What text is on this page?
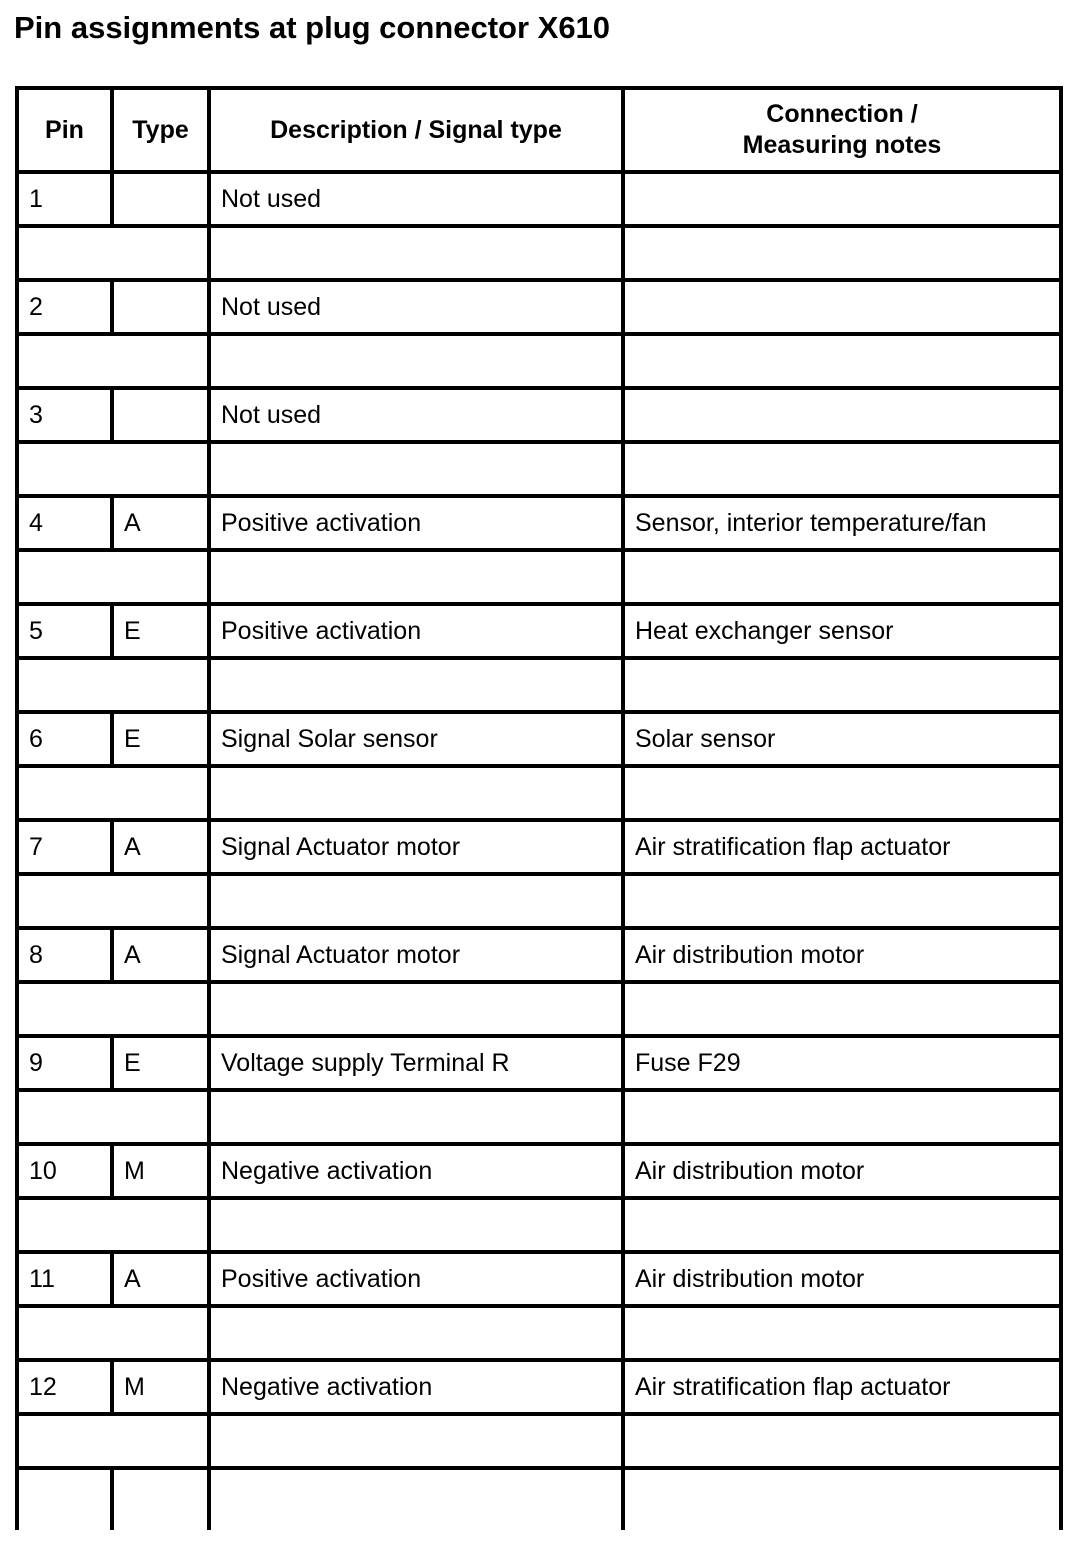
Pin assignments at plug connector X610
Pin	Type	Description / Signal type	Connection /
Measuring notes

1		Not used	

2		Not used	

3		Not used	

4	A	Positive activation	Sensor, interior temperature/fan

5	E	Positive activation	Heat exchanger sensor

6	E	Signal Solar sensor	Solar sensor

7	A	Signal Actuator motor	Air stratification flap actuator

8	A	Signal Actuator motor	Air distribution motor

9	E	Voltage supply Terminal R	Fuse F29

10	M	Negative activation	Air distribution motor

11	A	Positive activation	Air distribution motor

12	M	Negative activation	Air stratification flap actuator
